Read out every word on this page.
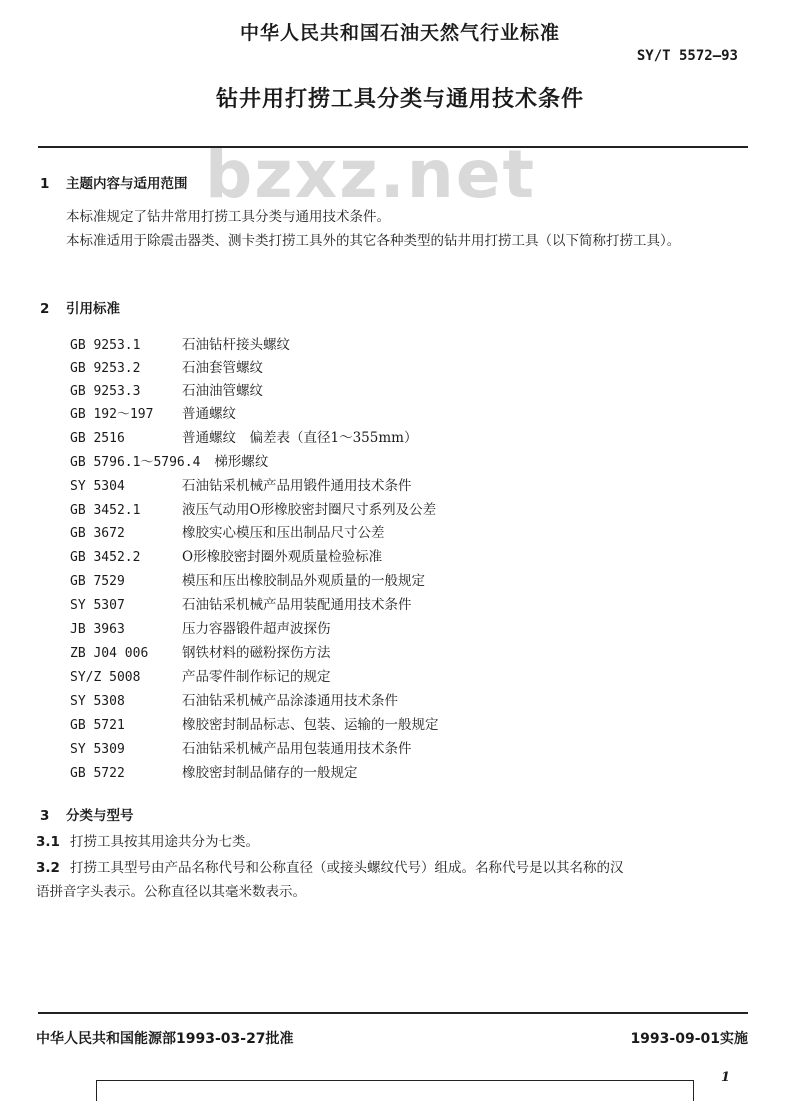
bzxz.net
中华人民共和国石油天然气行业标准
SY/T 5572—93
钻井用打捞工具分类与通用技术条件
1 主题内容与适用范围
本标准规定了钻井常用打捞工具分类与通用技术条件。
本标准适用于除震击器类、测卡类打捞工具外的其它各种类型的钻井用打捞工具（以下简称打捞工具）。
2 引用标准
GB 9253.1	石油钻杆接头螺纹
GB 9253.2	石油套管螺纹
GB 9253.3	石油油管螺纹
GB 192～197 普通螺纹
GB 2516	普通螺纹　偏差表（直径1～355mm）
GB 5796.1～5796.4 梯形螺纹
SY 5304	石油钻采机械产品用锻件通用技术条件
GB 3452.1	液压气动用O形橡胶密封圈尺寸系列及公差
GB 3672	橡胶实心模压和压出制品尺寸公差
GB 3452.2	O形橡胶密封圈外观质量检验标准
GB 7529	模压和压出橡胶制品外观质量的一般规定
SY 5307	石油钻采机械产品用装配通用技术条件
JB 3963	压力容器锻件超声波探伤
ZB J04 006 钢铁材料的磁粉探伤方法
SY/Z 5008	产品零件制作标记的规定
SY 5308	石油钻采机械产品涂漆通用技术条件
GB 5721	橡胶密封制品标志、包装、运输的一般规定
SY 5309	石油钻采机械产品用包装通用技术条件
GB 5722	橡胶密封制品储存的一般规定
3 分类与型号
3.1 打捞工具按其用途共分为七类。
3.2 打捞工具型号由产品名称代号和公称直径（或接头螺纹代号）组成。名称代号是以其名称的汉
语拼音字头表示。公称直径以其毫米数表示。
中华人民共和国能源部1993-03-27批准	1993-09-01实施
1
